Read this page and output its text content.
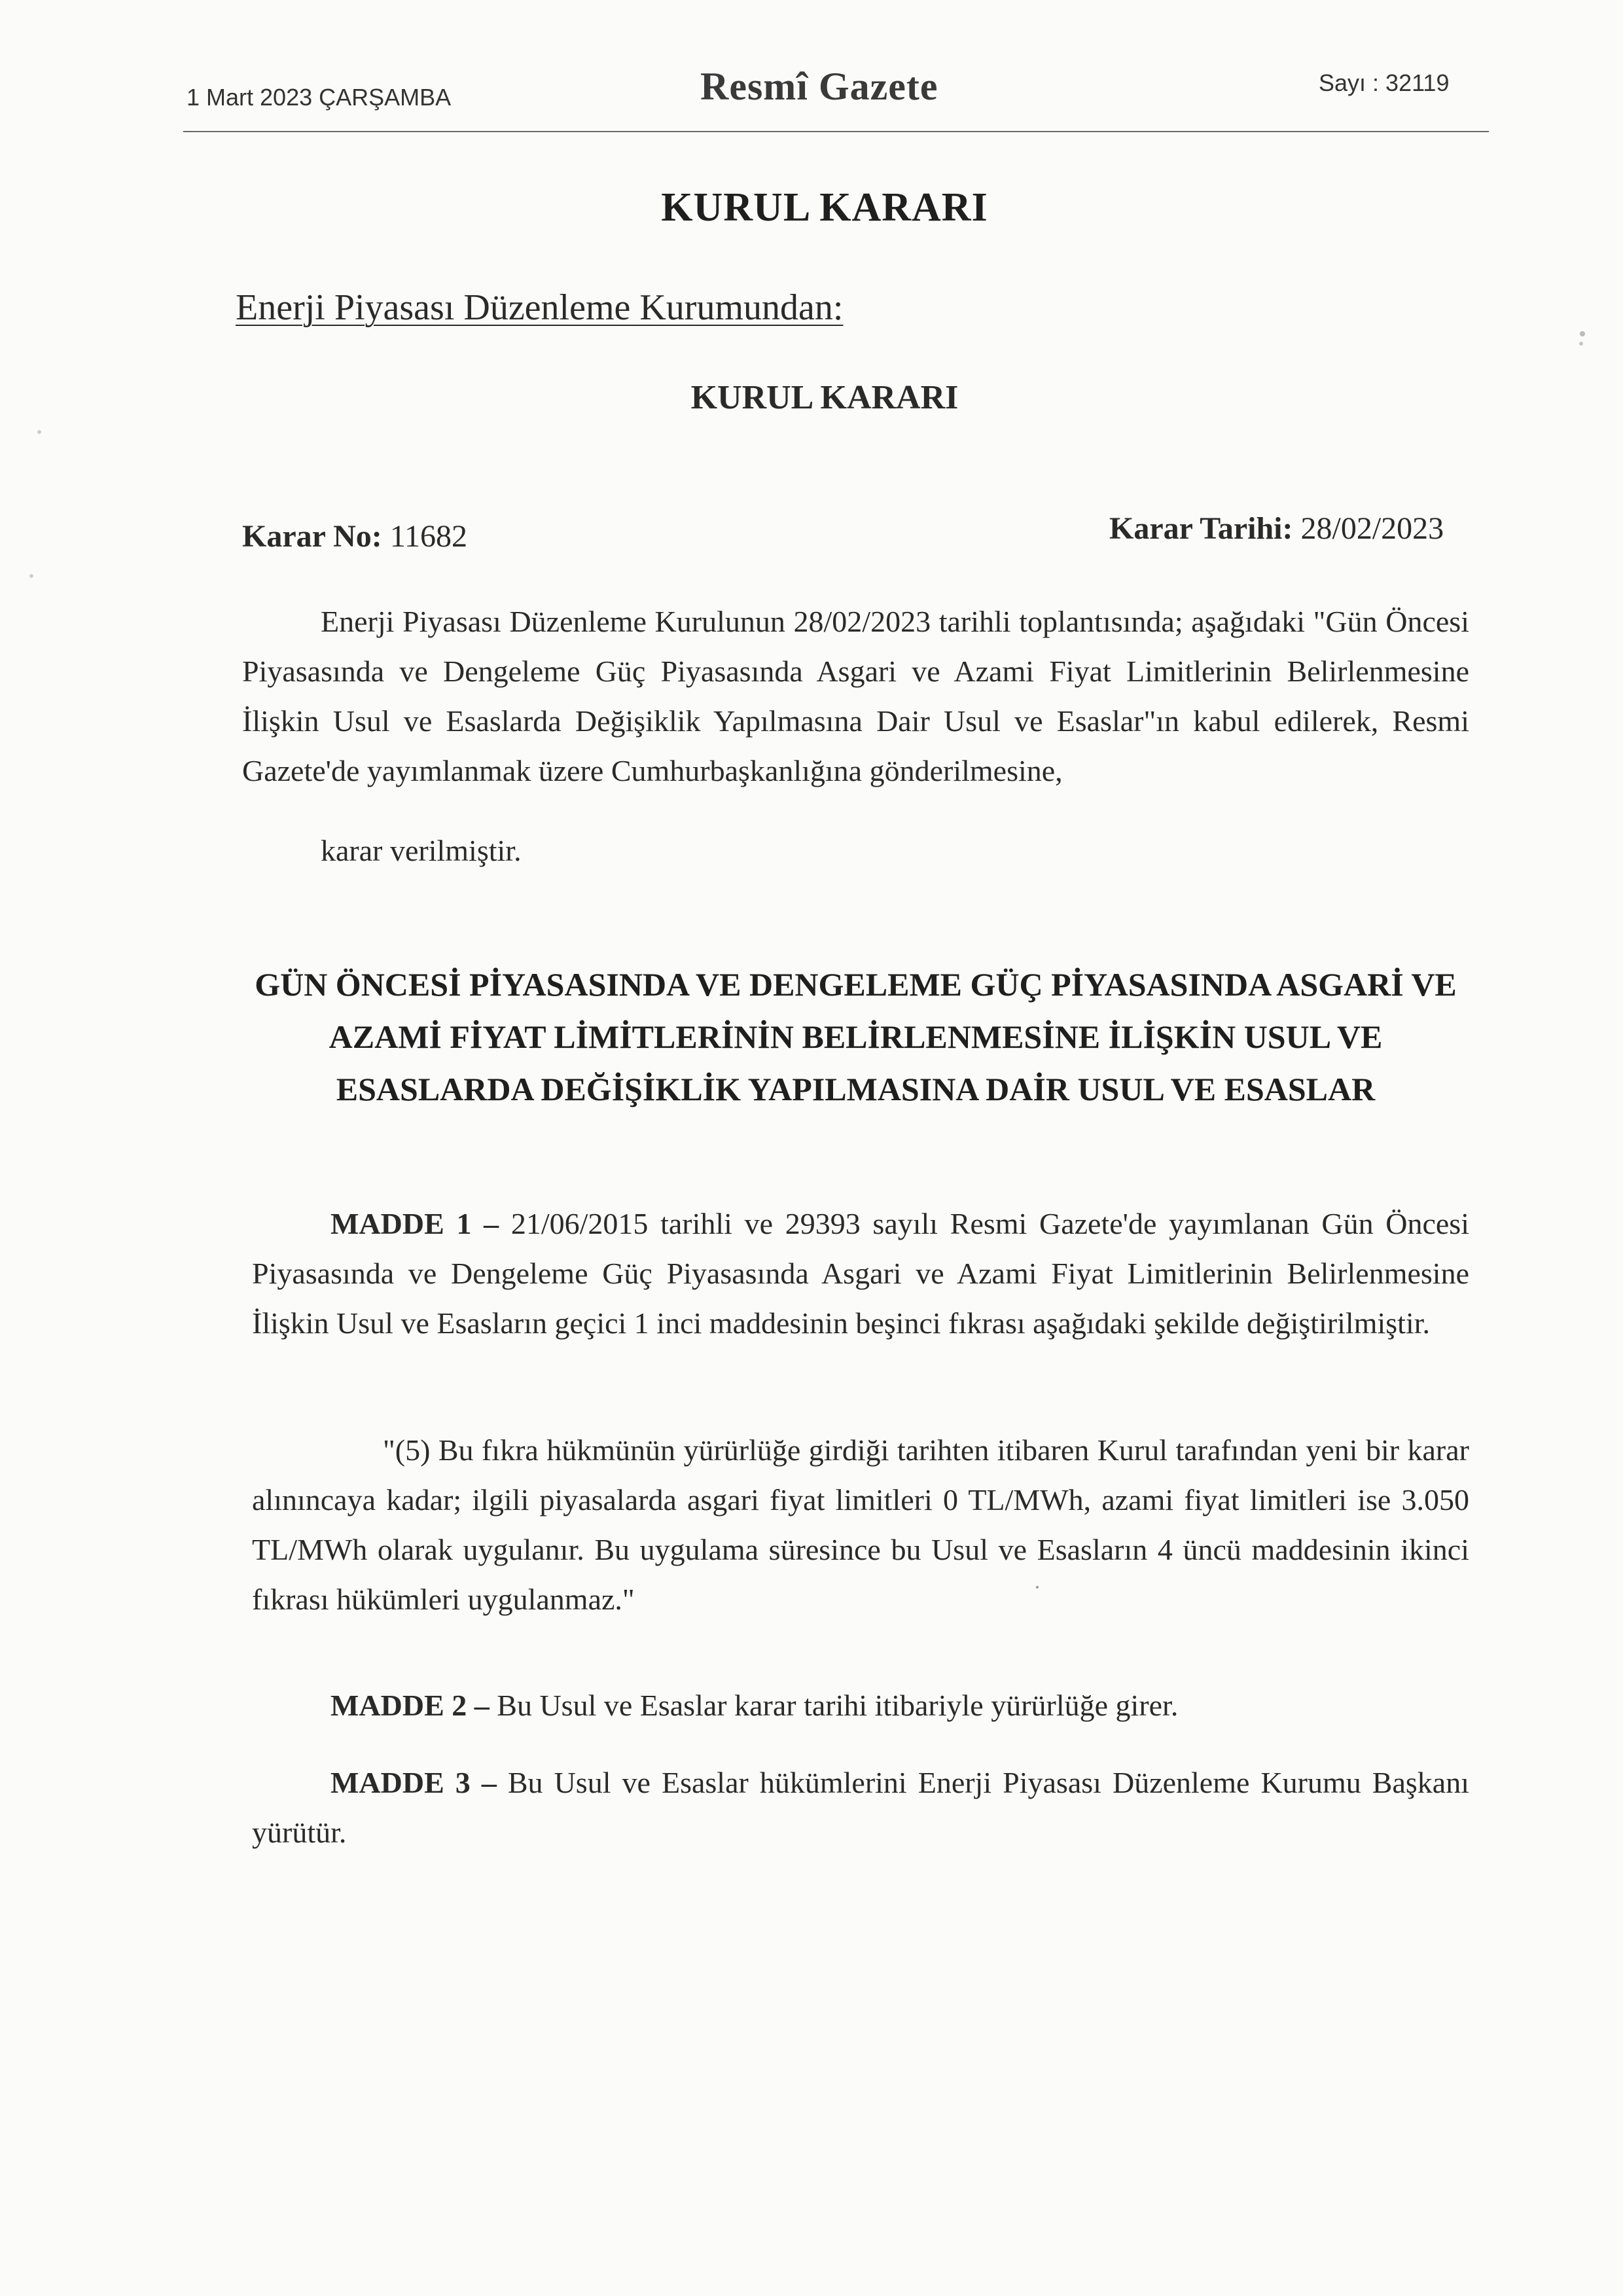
1 Mart 2023 ÇARŞAMBA	Resmî Gazete	Sayı : 32119
KURUL KARARI
Enerji Piyasası Düzenleme Kurumundan:
KURUL KARARI
Karar No: 11682	Karar Tarihi: 28/02/2023
Enerji Piyasası Düzenleme Kurulunun 28/02/2023 tarihli toplantısında; aşağıdaki "Gün Öncesi Piyasasında ve Dengeleme Güç Piyasasında Asgari ve Azami Fiyat Limitlerinin Belirlenmesine İlişkin Usul ve Esaslarda Değişiklik Yapılmasına Dair Usul ve Esaslar"ın kabul edilerek, Resmi Gazete'de yayımlanmak üzere Cumhurbaşkanlığına gönderilmesine,
karar verilmiştir.
GÜN ÖNCESİ PİYASASINDA VE DENGELEME GÜÇ PİYASASINDA ASGARİ VE AZAMİ FİYAT LİMİTLERİNİN BELİRLENMESİNE İLİŞKİN USUL VE ESASLARDA DEĞİŞİKLİK YAPILMASINA DAİR USUL VE ESASLAR
MADDE 1 – 21/06/2015 tarihli ve 29393 sayılı Resmi Gazete'de yayımlanan Gün Öncesi Piyasasında ve Dengeleme Güç Piyasasında Asgari ve Azami Fiyat Limitlerinin Belirlenmesine İlişkin Usul ve Esasların geçici 1 inci maddesinin beşinci fıkrası aşağıdaki şekilde değiştirilmiştir.
"(5) Bu fıkra hükmünün yürürlüğe girdiği tarihten itibaren Kurul tarafından yeni bir karar alınıncaya kadar; ilgili piyasalarda asgari fiyat limitleri 0 TL/MWh, azami fiyat limitleri ise 3.050 TL/MWh olarak uygulanır. Bu uygulama süresince bu Usul ve Esasların 4 üncü maddesinin ikinci fıkrası hükümleri uygulanmaz."
MADDE 2 – Bu Usul ve Esaslar karar tarihi itibariyle yürürlüğe girer.
MADDE 3 – Bu Usul ve Esaslar hükümlerini Enerji Piyasası Düzenleme Kurumu Başkanı yürütür.
